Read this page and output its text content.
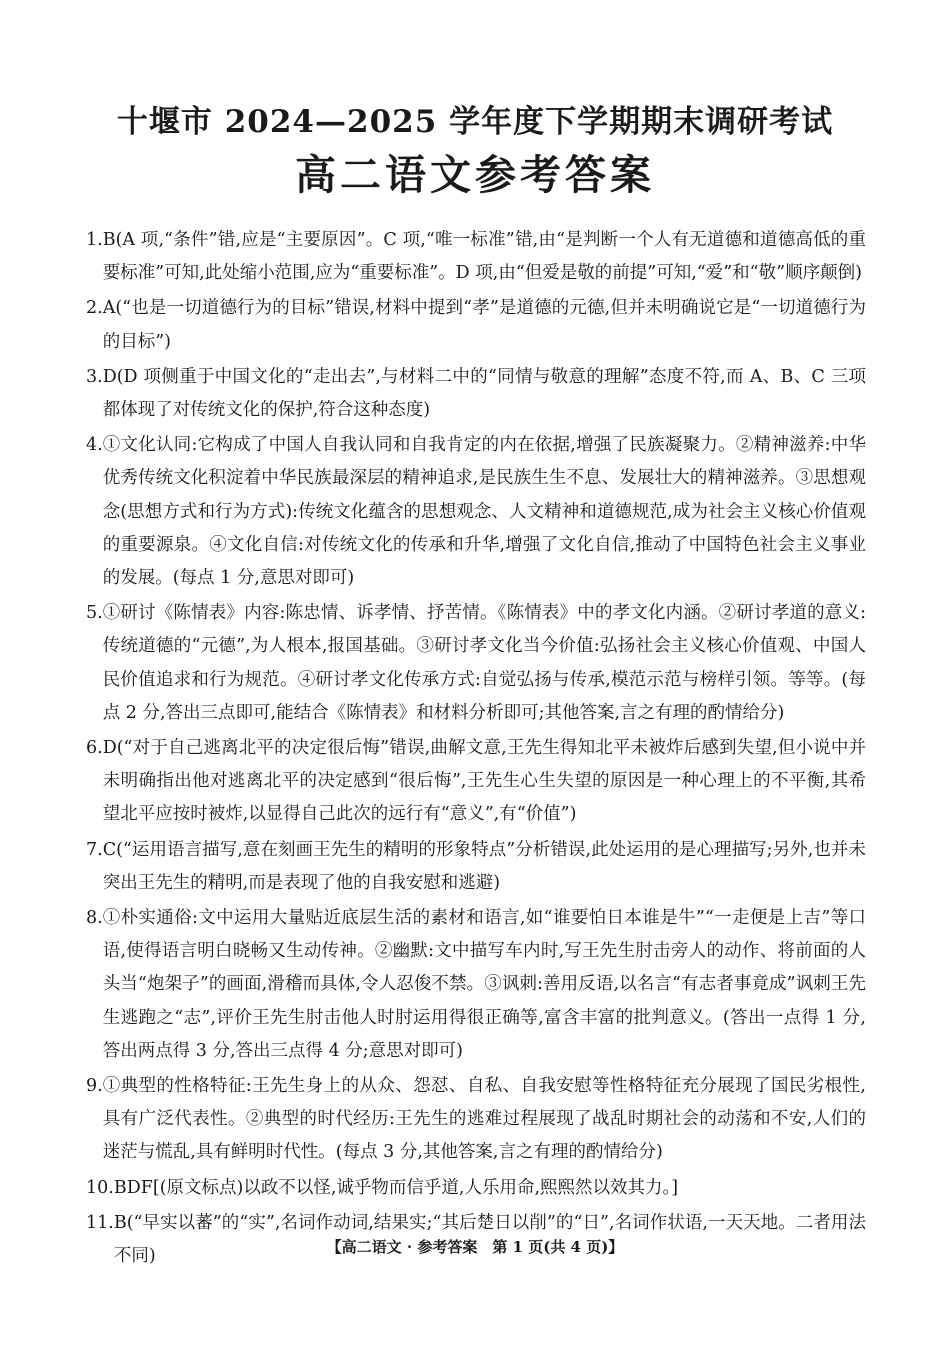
十堰市 2024—2025 学年度下学期期末调研考试
高二语文参考答案
1. B(A 项,“条件”错,应是“主要原因”。C 项,“唯一标准”错,由“是判断一个人有无道德和道德高低的重要标准”可知,此处缩小范围,应为“重要标准”。D 项,由“但爱是敬的前提”可知,“爱”和“敬”顺序颠倒)
2. A(“也是一切道德行为的目标”错误,材料中提到“孝”是道德的元德,但并未明确说它是“一切道德行为的目标”)
3. D(D 项侧重于中国文化的“走出去”,与材料二中的“同情与敬意的理解”态度不符,而 A、B、C 三项都体现了对传统文化的保护,符合这种态度)
4. ①文化认同:它构成了中国人自我认同和自我肯定的内在依据,增强了民族凝聚力。②精神滋养:中华优秀传统文化积淀着中华民族最深层的精神追求,是民族生生不息、发展壮大的精神滋养。③思想观念(思想方式和行为方式):传统文化蕴含的思想观念、人文精神和道德规范,成为社会主义核心价值观的重要源泉。④文化自信:对传统文化的传承和升华,增强了文化自信,推动了中国特色社会主义事业的发展。(每点 1 分,意思对即可)
5. ①研讨《陈情表》内容:陈忠情、诉孝情、抒苦情。《陈情表》中的孝文化内涵。②研讨孝道的意义:传统道德的“元德”,为人根本,报国基础。③研讨孝文化当今价值:弘扬社会主义核心价值观、中国人民价值追求和行为规范。④研讨孝文化传承方式:自觉弘扬与传承,模范示范与榜样引领。等等。(每点 2 分,答出三点即可,能结合《陈情表》和材料分析即可;其他答案,言之有理的酌情给分)
6. D(“对于自己逃离北平的决定很后悔”错误,曲解文意,王先生得知北平未被炸后感到失望,但小说中并未明确指出他对逃离北平的决定感到“很后悔”,王先生心生失望的原因是一种心理上的不平衡,其希望北平应按时被炸,以显得自己此次的远行有“意义”,有“价值”)
7. C(“运用语言描写,意在刻画王先生的精明的形象特点”分析错误,此处运用的是心理描写;另外,也并未突出王先生的精明,而是表现了他的自我安慰和逃避)
8. ①朴实通俗:文中运用大量贴近底层生活的素材和语言,如“谁要怕日本谁是牛”“一走便是上吉”等口语,使得语言明白晓畅又生动传神。②幽默:文中描写车内时,写王先生肘击旁人的动作、将前面的人头当“炮架子”的画面,滑稽而具体,令人忍俊不禁。③讽刺:善用反语,以名言“有志者事竟成”讽刺王先生逃跑之“志”,评价王先生肘击他人时肘运用得很正确等,富含丰富的批判意义。(答出一点得 1 分,答出两点得 3 分,答出三点得 4 分;意思对即可)
9. ①典型的性格特征:王先生身上的从众、怨怼、自私、自我安慰等性格特征充分展现了国民劣根性,具有广泛代表性。②典型的时代经历:王先生的逃难过程展现了战乱时期社会的动荡和不安,人们的迷茫与慌乱,具有鲜明时代性。(每点 3 分,其他答案,言之有理的酌情给分)
10. BDF[(原文标点)以政不以怪,诚乎物而信乎道,人乐用命,熙熙然以效其力。]
11. B(“早实以蕃”的“实”,名词作动词,结果实;“其后楚日以削”的“日”,名词作状语,一天天地。二者用法不同)	【高二语文 · 参考答案　第 1 页(共 4 页)】
